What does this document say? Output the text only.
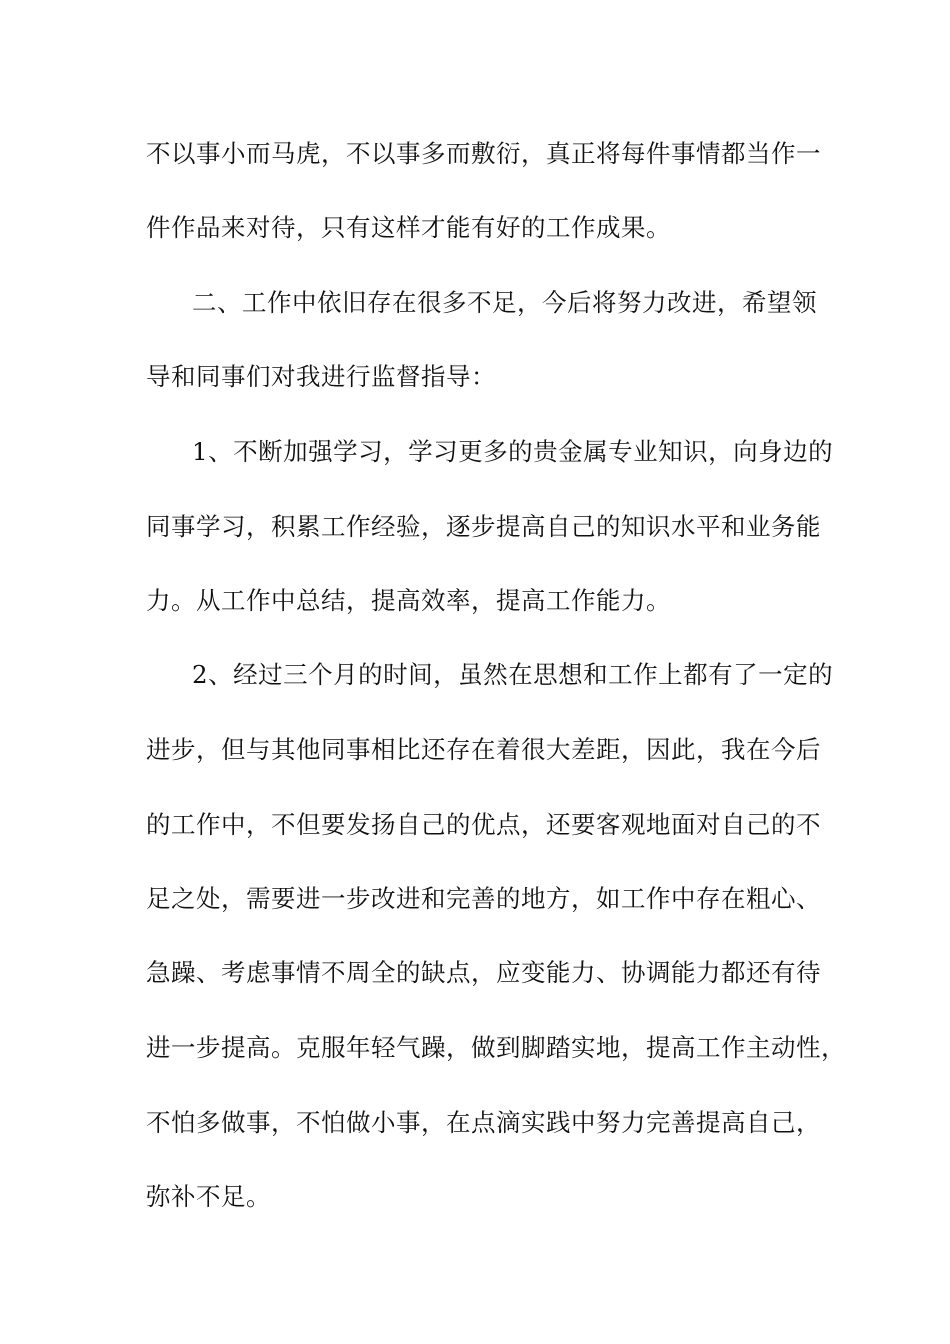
不以事小而马虎，不以事多而敷衍，真正将每件事情都当作一
件作品来对待，只有这样才能有好的工作成果。
二、工作中依旧存在很多不足，今后将努力改进，希望领
导和同事们对我进行监督指导：
1、不断加强学习，学习更多的贵金属专业知识，向身边的
同事学习，积累工作经验，逐步提高自己的知识水平和业务能
力。从工作中总结，提高效率，提高工作能力。
2、经过三个月的时间，虽然在思想和工作上都有了一定的
进步，但与其他同事相比还存在着很大差距，因此，我在今后
的工作中，不但要发扬自己的优点，还要客观地面对自己的不
足之处，需要进一步改进和完善的地方，如工作中存在粗心、
急躁、考虑事情不周全的缺点，应变能力、协调能力都还有待
进一步提高。克服年轻气躁，做到脚踏实地，提高工作主动性，
不怕多做事，不怕做小事，在点滴实践中努力完善提高自己，
弥补不足。
